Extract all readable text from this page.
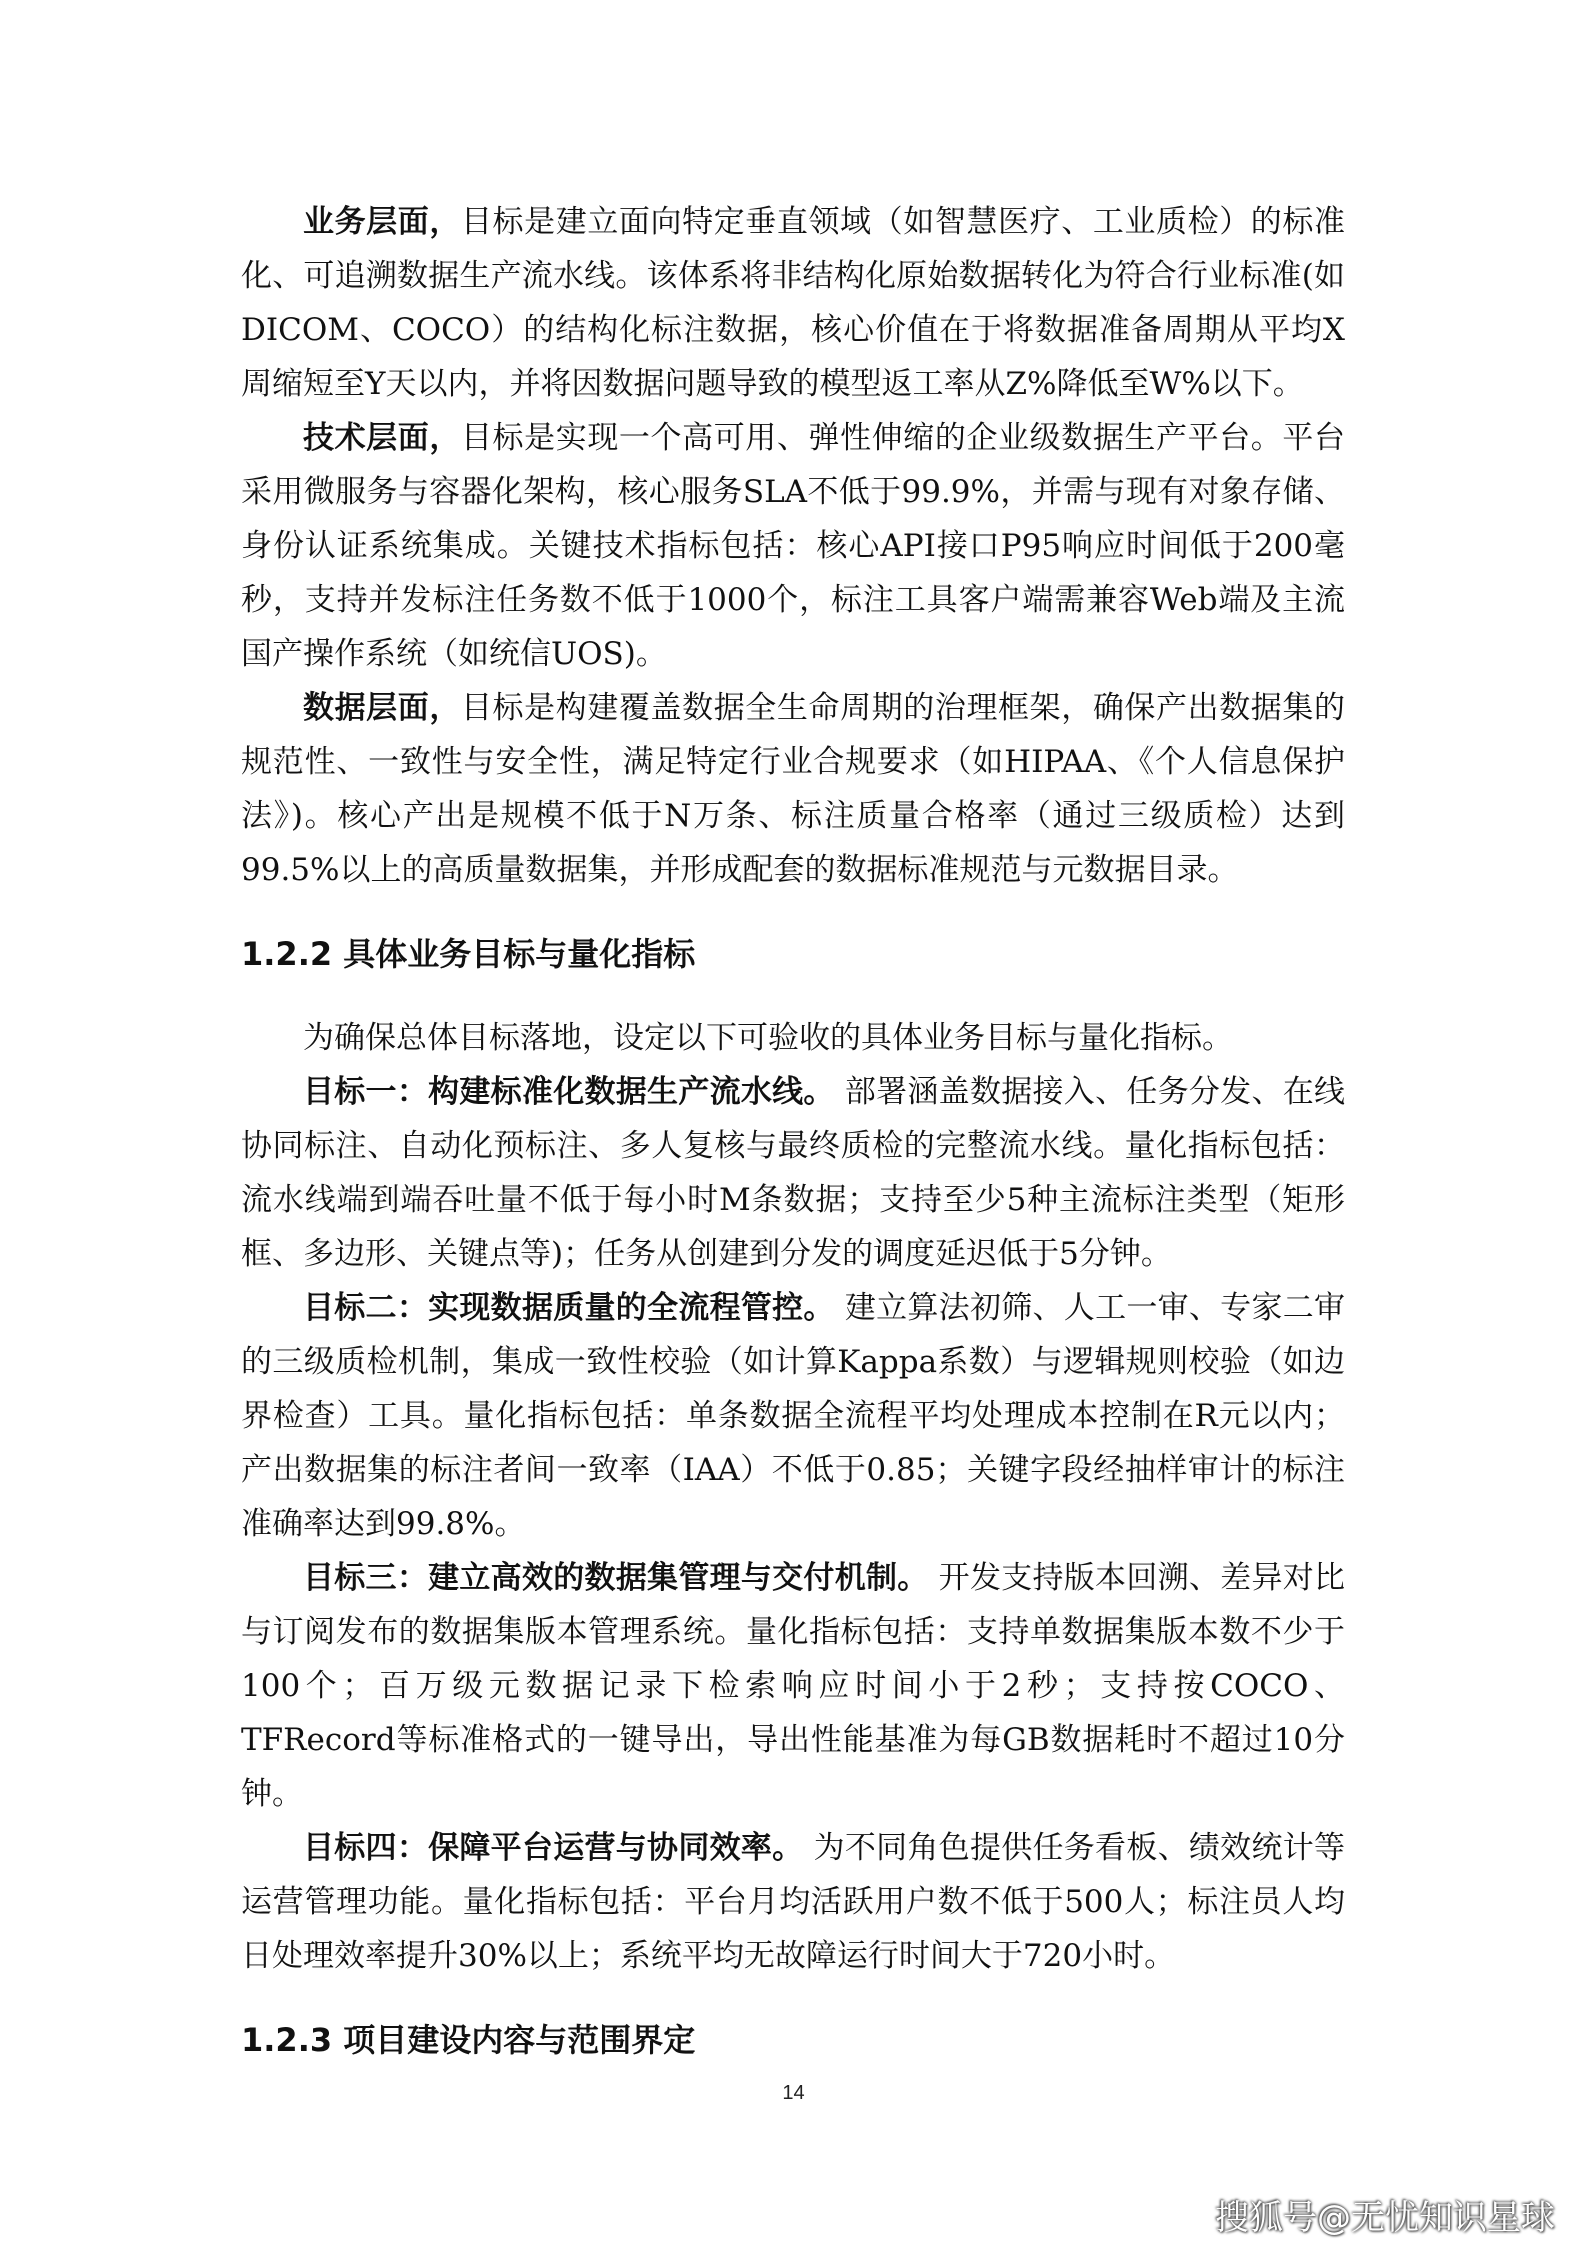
业务层面，目标是建立面向特定垂直领域（如智慧医疗、工业质检）的标准化、可追溯数据生产流水线。该体系将非结构化原始数据转化为符合行业标准(如DICOM、COCO）的结构化标注数据，核心价值在于将数据准备周期从平均X周缩短至Y天以内，并将因数据问题导致的模型返工率从Z%降低至W%以下。

技术层面，目标是实现一个高可用、弹性伸缩的企业级数据生产平台。平台采用微服务与容器化架构，核心服务SLA不低于99.9%，并需与现有对象存储、身份认证系统集成。关键技术指标包括：核心API接口P95响应时间低于200毫秒，支持并发标注任务数不低于1000个，标注工具客户端需兼容Web端及主流国产操作系统（如统信UOS)。

数据层面，目标是构建覆盖数据全生命周期的治理框架，确保产出数据集的规范性、一致性与安全性，满足特定行业合规要求（如HIPAA、《个人信息保护法》)。核心产出是规模不低于N万条、标注质量合格率（通过三级质检）达到99.5%以上的高质量数据集，并形成配套的数据标准规范与元数据目录。

1.2.2 具体业务目标与量化指标

为确保总体目标落地，设定以下可验收的具体业务目标与量化指标。

目标一：构建标准化数据生产流水线。 部署涵盖数据接入、任务分发、在线协同标注、自动化预标注、多人复核与最终质检的完整流水线。量化指标包括：流水线端到端吞吐量不低于每小时M条数据；支持至少5种主流标注类型（矩形框、多边形、关键点等)；任务从创建到分发的调度延迟低于5分钟。

目标二：实现数据质量的全流程管控。 建立算法初筛、人工一审、专家二审的三级质检机制，集成一致性校验（如计算Kappa系数）与逻辑规则校验（如边界检查）工具。量化指标包括：单条数据全流程平均处理成本控制在R元以内；产出数据集的标注者间一致率（IAA）不低于0.85；关键字段经抽样审计的标注准确率达到99.8%。

目标三：建立高效的数据集管理与交付机制。 开发支持版本回溯、差异对比与订阅发布的数据集版本管理系统。量化指标包括：支持单数据集版本数不少于100个；百万级元数据记录下检索响应时间小于2秒；支持按COCO、TFRecord等标准格式的一键导出，导出性能基准为每GB数据耗时不超过10分钟。

目标四：保障平台运营与协同效率。 为不同角色提供任务看板、绩效统计等运营管理功能。量化指标包括：平台月均活跃用户数不低于500人；标注员人均日处理效率提升30%以上；系统平均无故障运行时间大于720小时。

1.2.3 项目建设内容与范围界定
14
搜狐号@无忧知识星球
